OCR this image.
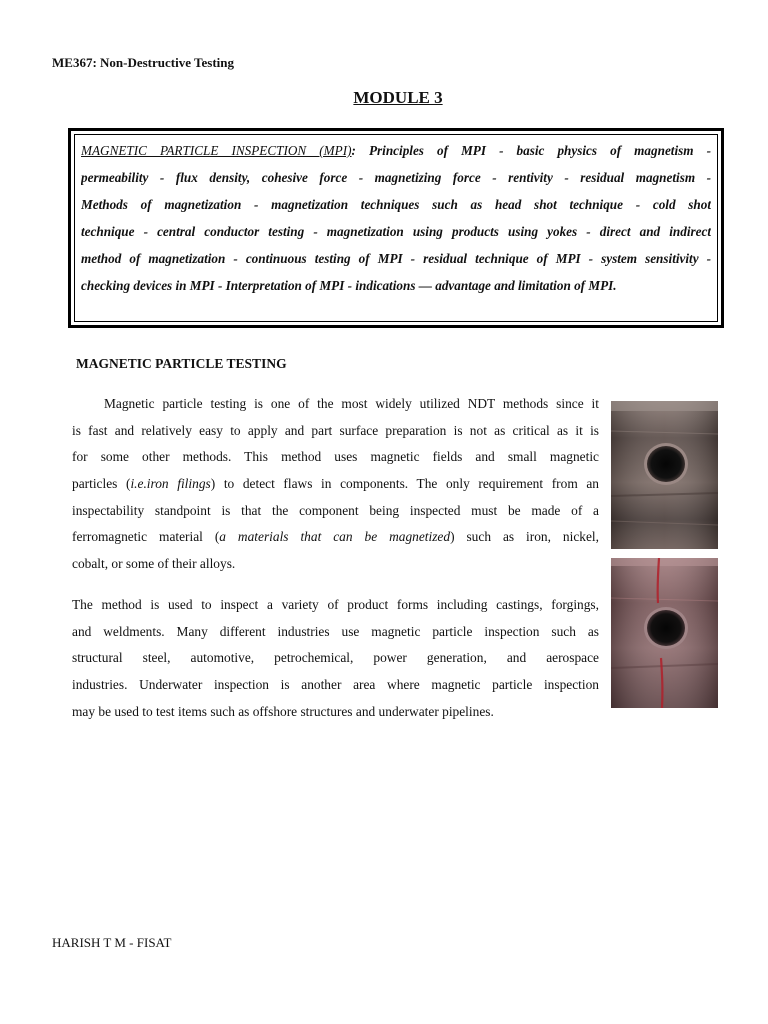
ME367: Non-Destructive Testing
MODULE 3
MAGNETIC PARTICLE INSPECTION (MPI): Principles of MPI - basic physics of magnetism -
permeability - flux density, cohesive force - magnetizing force - rentivity - residual magnetism -
Methods of magnetization - magnetization techniques such as head shot technique - cold shot
technique - central conductor testing - magnetization using products using yokes - direct and indirect
method of magnetization - continuous testing of MPI - residual technique of MPI - system sensitivity -
checking devices in MPI - Interpretation of MPI - indications — advantage and limitation of MPI.
MAGNETIC PARTICLE TESTING
Magnetic particle testing is one of the most widely utilized NDT methods since it
is fast and relatively easy to apply and part surface preparation is not as critical as it is
for some other methods. This method uses magnetic fields and small magnetic
particles (i.e.iron filings) to detect flaws in components. The only requirement from an
inspectability standpoint is that the component being inspected must be made of a
ferromagnetic material (a materials that can be magnetized) such as iron, nickel,
cobalt, or some of their alloys.
The method is used to inspect a variety of product forms including castings, forgings,
and weldments. Many different industries use magnetic particle inspection such as
structural steel, automotive, petrochemical, power generation, and aerospace
industries. Underwater inspection is another area where magnetic particle inspection
may be used to test items such as offshore structures and underwater pipelines.
HARISH T M - FISAT
